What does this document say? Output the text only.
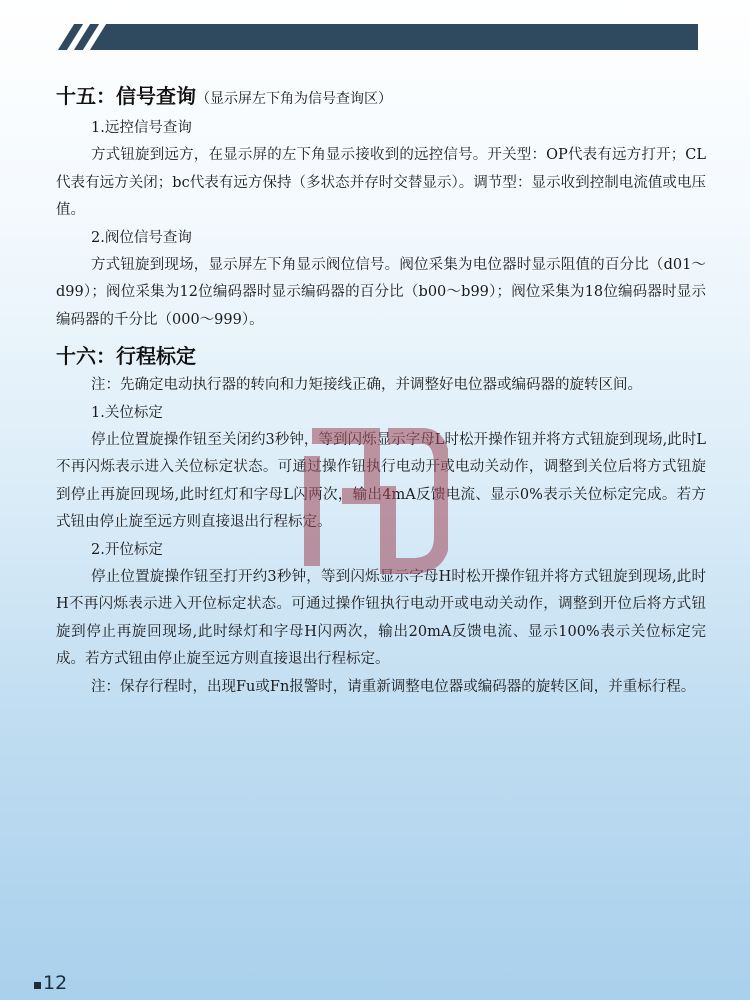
十五：信号查询（显示屏左下角为信号查询区）

1.远控信号查询

方式钮旋到远方，在显示屏的左下角显示接收到的远控信号。开关型：OP代表有远方打开；CL代表有远方关闭；bc代表有远方保持（多状态并存时交替显示）。调节型：显示收到控制电流值或电压值。

2.阀位信号查询

方式钮旋到现场，显示屏左下角显示阀位信号。阀位采集为电位器时显示阻值的百分比（d01～d99）；阀位采集为12位编码器时显示编码器的百分比（b00～b99）；阀位采集为18位编码器时显示编码器的千分比（000～999）。

十六：行程标定

注：先确定电动执行器的转向和力矩接线正确，并调整好电位器或编码器的旋转区间。

1.关位标定

停止位置旋操作钮至关闭约3秒钟，等到闪烁显示字母L时松开操作钮并将方式钮旋到现场,此时L不再闪烁表示进入关位标定状态。可通过操作钮执行电动开或电动关动作，调整到关位后将方式钮旋到停止再旋回现场,此时红灯和字母L闪两次，输出4mA反馈电流、显示0%表示关位标定完成。若方式钮由停止旋至远方则直接退出行程标定。

2.开位标定

停止位置旋操作钮至打开约3秒钟，等到闪烁显示字母H时松开操作钮并将方式钮旋到现场,此时H不再闪烁表示进入开位标定状态。可通过操作钮执行电动开或电动关动作，调整到开位后将方式钮旋到停止再旋回现场,此时绿灯和字母H闪两次，输出20mA反馈电流、显示100%表示关位标定完成。若方式钮由停止旋至远方则直接退出行程标定。

注：保存行程时，出现Fu或Fn报警时，请重新调整电位器或编码器的旋转区间，并重标行程。

12
